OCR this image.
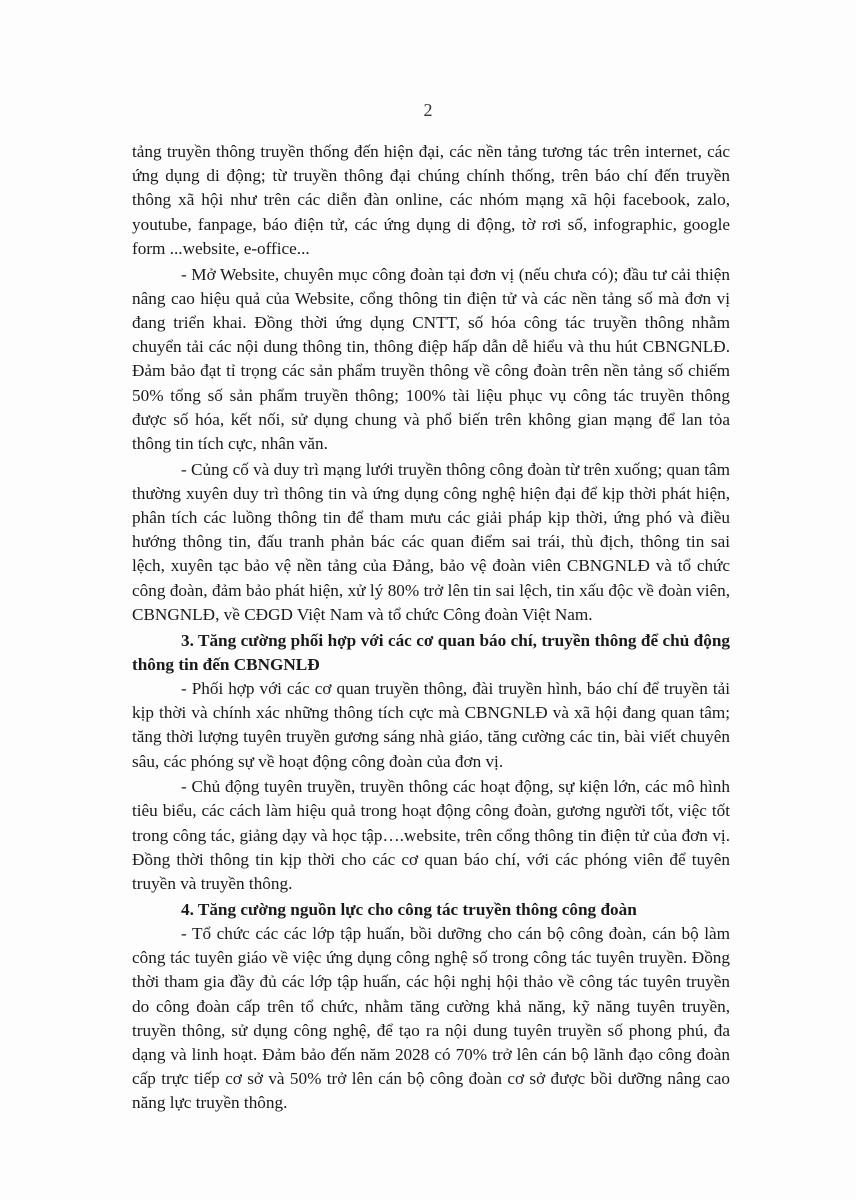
2

tảng truyền thông truyền thống đến hiện đại, các nền tảng tương tác trên internet, các ứng dụng di động; từ truyền thông đại chúng chính thống, trên báo chí đến truyền thông xã hội như trên các diễn đàn online, các nhóm mạng xã hội facebook, zalo, youtube, fanpage, báo điện tử, các ứng dụng di động, tờ rơi số, infographic, google form ...website, e-office...

- Mở Website, chuyên mục công đoàn tại đơn vị (nếu chưa có); đầu tư cải thiện nâng cao hiệu quả của Website, cổng thông tin điện tử và các nền tảng số mà đơn vị đang triển khai. Đồng thời ứng dụng CNTT, số hóa công tác truyền thông nhằm chuyển tải các nội dung thông tin, thông điệp hấp dẫn dễ hiểu và thu hút CBNGNLĐ. Đảm bảo đạt tỉ trọng các sản phẩm truyền thông về công đoàn trên nền tảng số chiếm 50% tổng số sản phẩm truyền thông; 100% tài liệu phục vụ công tác truyền thông được số hóa, kết nối, sử dụng chung và phổ biến trên không gian mạng để lan tỏa thông tin tích cực, nhân văn.

- Củng cố và duy trì mạng lưới truyền thông công đoàn từ trên xuống; quan tâm thường xuyên duy trì thông tin và ứng dụng công nghệ hiện đại để kịp thời phát hiện, phân tích các luồng thông tin để tham mưu các giải pháp kịp thời, ứng phó và điều hướng thông tin, đấu tranh phản bác các quan điểm sai trái, thù địch, thông tin sai lệch, xuyên tạc bảo vệ nền tảng của Đảng, bảo vệ đoàn viên CBNGNLĐ và tổ chức công đoàn, đảm bảo phát hiện, xử lý 80% trở lên tin sai lệch, tin xấu độc về đoàn viên, CBNGNLĐ, về CĐGD Việt Nam và tổ chức Công đoàn Việt Nam.

3. Tăng cường phối hợp với các cơ quan báo chí, truyền thông để chủ động thông tin đến CBNGNLĐ

- Phối hợp với các cơ quan truyền thông, đài truyền hình, báo chí để truyền tải kịp thời và chính xác những thông tích cực mà CBNGNLĐ và xã hội đang quan tâm; tăng thời lượng tuyên truyền gương sáng nhà giáo, tăng cường các tin, bài viết chuyên sâu, các phóng sự về hoạt động công đoàn của đơn vị.

- Chủ động tuyên truyền, truyền thông các hoạt động, sự kiện lớn, các mô hình tiêu biểu, các cách làm hiệu quả trong hoạt động công đoàn, gương người tốt, việc tốt trong công tác, giảng dạy và học tập….website, trên cổng thông tin điện tử của đơn vị. Đồng thời thông tin kịp thời cho các cơ quan báo chí, với các phóng viên để tuyên truyền và truyền thông.

4. Tăng cường nguồn lực cho công tác truyền thông công đoàn

- Tổ chức các các lớp tập huấn, bồi dưỡng cho cán bộ công đoàn, cán bộ làm công tác tuyên giáo về việc ứng dụng công nghệ số trong công tác tuyên truyền. Đồng thời tham gia đầy đủ các lớp tập huấn, các hội nghị hội thảo về công tác tuyên truyền do công đoàn cấp trên tổ chức, nhằm tăng cường khả năng, kỹ năng tuyên truyền, truyền thông, sử dụng công nghệ, để tạo ra nội dung tuyên truyền số phong phú, đa dạng và linh hoạt. Đảm bảo đến năm 2028 có 70% trở lên cán bộ lãnh đạo công đoàn cấp trực tiếp cơ sở và 50% trở lên cán bộ công đoàn cơ sở được bồi dưỡng nâng cao năng lực truyền thông.
